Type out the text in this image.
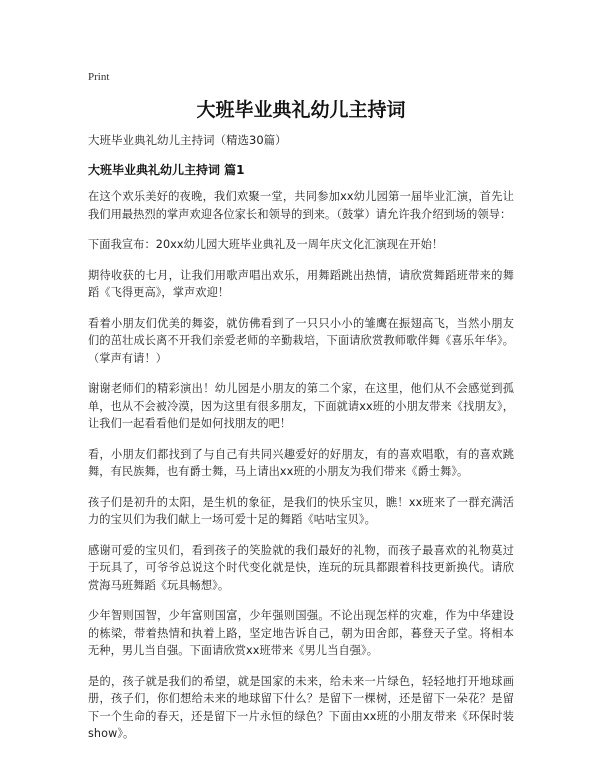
Print
大班毕业典礼幼儿主持词
大班毕业典礼幼儿主持词（精选30篇）
大班毕业典礼幼儿主持词 篇1

在这个欢乐美好的夜晚，我们欢聚一堂，共同参加xx幼儿园第一届毕业汇演，首先让我们用最热烈的掌声欢迎各位家长和领导的到来。（鼓掌）请允许我介绍到场的领导：

下面我宣布：20xx幼儿园大班毕业典礼及一周年庆文化汇演现在开始！

期待收获的七月，让我们用歌声唱出欢乐，用舞蹈跳出热情，请欣赏舞蹈班带来的舞蹈《飞得更高》，掌声欢迎！

看着小朋友们优美的舞姿，就仿佛看到了一只只小小的雏鹰在振翅高飞，当然小朋友们的茁壮成长离不开我们亲爱老师的辛勤栽培，下面请欣赏教师歌伴舞《喜乐年华》。（掌声有请！）

谢谢老师们的精彩演出！幼儿园是小朋友的第二个家，在这里，他们从不会感觉到孤单，也从不会被冷漠，因为这里有很多朋友，下面就请xx班的小朋友带来《找朋友》，让我们一起看看他们是如何找朋友的吧！

看，小朋友们都找到了与自己有共同兴趣爱好的好朋友，有的喜欢唱歌，有的喜欢跳舞，有民族舞，也有爵士舞，马上请出xx班的小朋友为我们带来《爵士舞》。

孩子们是初升的太阳，是生机的象征，是我们的快乐宝贝，瞧！xx班来了一群充满活力的宝贝们为我们献上一场可爱十足的舞蹈《咕咕宝贝》。

感谢可爱的宝贝们，看到孩子的笑脸就的我们最好的礼物，而孩子最喜欢的礼物莫过于玩具了，可爷爷总说这个时代变化就是快，连玩的玩具都跟着科技更新换代。请欣赏海马班舞蹈《玩具畅想》。

少年智则国智，少年富则国富，少年强则国强。不论出现怎样的灾难，作为中华建设的栋梁，带着热情和执着上路，坚定地告诉自己，朝为田舍郎，暮登天子堂。将相本无种，男儿当自强。下面请欣赏xx班带来《男儿当自强》。

是的，孩子就是我们的希望，就是国家的未来，给未来一片绿色，轻轻地打开地球画册，孩子们，你们想给未来的地球留下什么？是留下一棵树，还是留下一朵花？是留下一个生命的春天，还是留下一片永恒的绿色？下面由xx班的小朋友带来《环保时装show》。
